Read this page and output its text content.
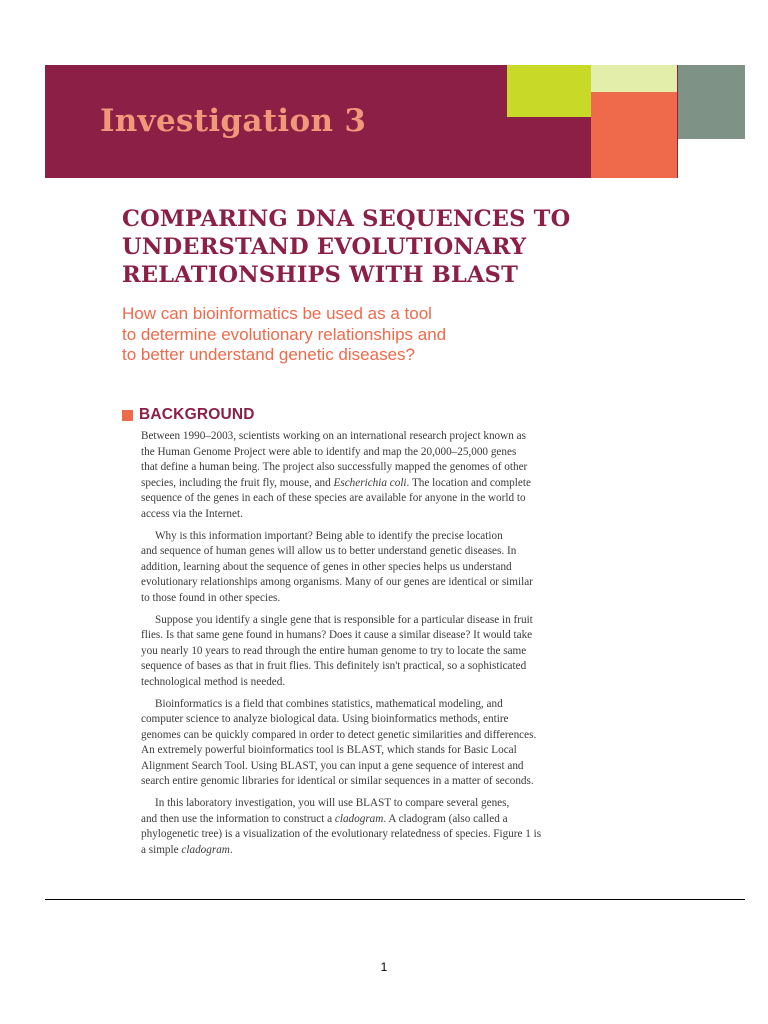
Investigation 3
COMPARING DNA SEQUENCES TO
UNDERSTAND EVOLUTIONARY
RELATIONSHIPS WITH BLAST
How can bioinformatics be used as a tool
to determine evolutionary relationships and
to better understand genetic diseases?
BACKGROUND
Between 1990–2003, scientists working on an international research project known as
the Human Genome Project were able to identify and map the 20,000–25,000 genes
that define a human being. The project also successfully mapped the genomes of other
species, including the fruit fly, mouse, and Escherichia coli. The location and complete
sequence of the genes in each of these species are available for anyone in the world to
access via the Internet.
Why is this information important? Being able to identify the precise location
and sequence of human genes will allow us to better understand genetic diseases. In
addition, learning about the sequence of genes in other species helps us understand
evolutionary relationships among organisms. Many of our genes are identical or similar
to those found in other species.
Suppose you identify a single gene that is responsible for a particular disease in fruit
flies. Is that same gene found in humans? Does it cause a similar disease? It would take
you nearly 10 years to read through the entire human genome to try to locate the same
sequence of bases as that in fruit flies. This definitely isn't practical, so a sophisticated
technological method is needed.
Bioinformatics is a field that combines statistics, mathematical modeling, and
computer science to analyze biological data. Using bioinformatics methods, entire
genomes can be quickly compared in order to detect genetic similarities and differences.
An extremely powerful bioinformatics tool is BLAST, which stands for Basic Local
Alignment Search Tool. Using BLAST, you can input a gene sequence of interest and
search entire genomic libraries for identical or similar sequences in a matter of seconds.
In this laboratory investigation, you will use BLAST to compare several genes,
and then use the information to construct a cladogram. A cladogram (also called a
phylogenetic tree) is a visualization of the evolutionary relatedness of species. Figure 1 is
a simple cladogram.
1
